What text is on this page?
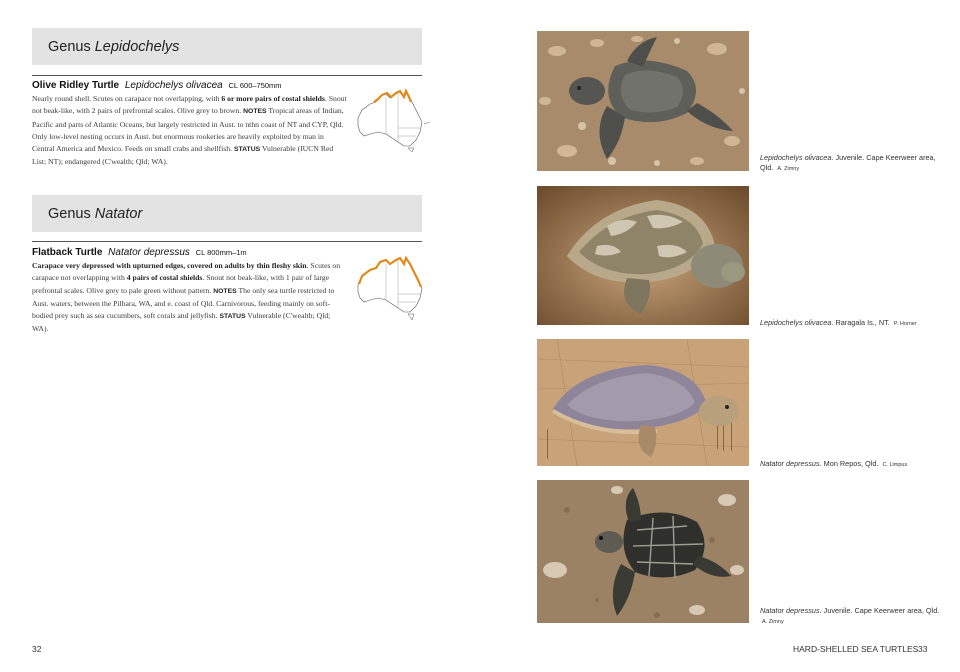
Genus Lepidochelys
Olive Ridley Turtle Lepidochelys olivacea CL 600–750mm
Nearly round shell. Scutes on carapace not overlapping, with 6 or more pairs of costal shields. Snout not beak-like, with 2 pairs of prefrontal scales. Olive grey to brown. NOTES Tropical areas of Indian, Pacific and parts of Atlantic Oceans, but largely restricted in Aust. to nthn coast of NT and CYP, Qld. Only low-level nesting occurs in Aust. but enormous rookeries are heavily exploited by man in Central America and Mexico. Feeds on small crabs and shellfish. STATUS Vulnerable (IUCN Red List; NT); endangered (C'wealth; Qld; WA).
Genus Natator
Flatback Turtle Natator depressus CL 800mm–1m
Carapace very depressed with upturned edges, covered on adults by thin fleshy skin. Scutes on carapace not overlapping with 4 pairs of costal shields. Snout not beak-like, with 1 pair of large prefrontal scales. Olive grey to pale green without pattern. NOTES The only sea turtle restricted to Aust. waters, between the Pilbara, WA, and e. coast of Qld. Carnivorous, feeding mainly on soft-bodied prey such as sea cucumbers, soft corals and jellyfish. STATUS Vulnerable (C'wealth; Qld; WA).
32
Lepidochelys olivacea. Juvenile. Cape Keerweer area, Qld. A. Zimny
Lepidochelys olivacea. Raragala Is., NT. P. Horner
Natator depressus. Mon Repos, Qld. C. Limpus
Natator depressus. Juvenile. Cape Keerweer area, Qld. A. Zimny
HARD-SHELLED SEA TURTLES 33
